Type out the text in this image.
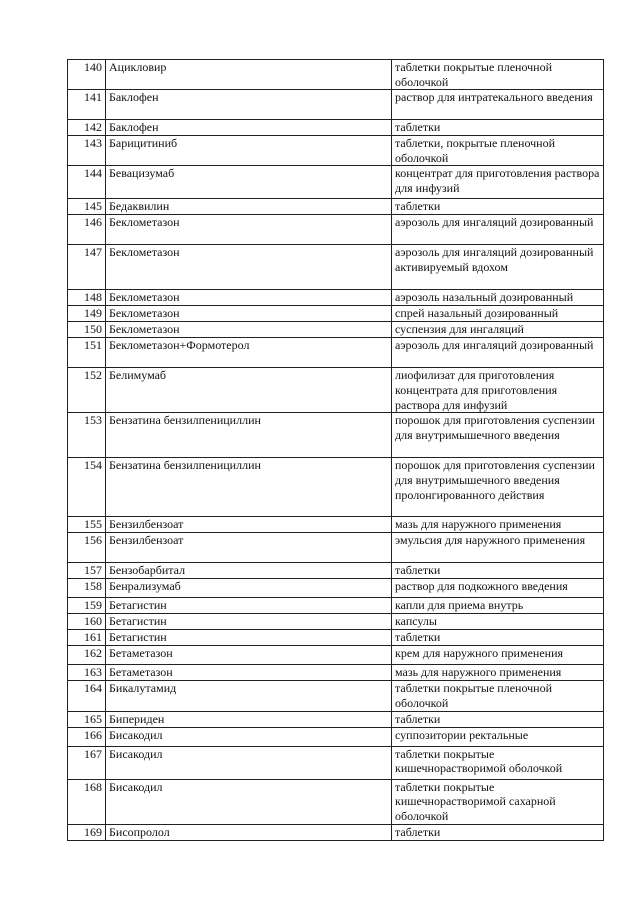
140	Ацикловир	таблетки покрытые пленочной оболочкой
141	Баклофен	раствор для интратекального введения
142	Баклофен	таблетки
143	Барицитиниб	таблетки, покрытые пленочной оболочкой
144	Бевацизумаб	концентрат для приготовления раствора для инфузий
145	Бедаквилин	таблетки
146	Беклометазон	аэрозоль для ингаляций дозированный
147	Беклометазон	аэрозоль для ингаляций дозированный активируемый вдохом
148	Беклометазон	аэрозоль назальный дозированный
149	Беклометазон	спрей назальный дозированный
150	Беклометазон	суспензия для ингаляций
151	Беклометазон+Формотерол	аэрозоль для ингаляций дозированный
152	Белимумаб	лиофилизат для приготовления концентрата для приготовления раствора для инфузий
153	Бензатина бензилпенициллин	порошок для приготовления суспензии для внутримышечного введения
154	Бензатина бензилпенициллин	порошок для приготовления суспензии для внутримышечного введения пролонгированного действия
155	Бензилбензоат	мазь для наружного применения
156	Бензилбензоат	эмульсия для наружного применения
157	Бензобарбитал	таблетки
158	Бенрализумаб	раствор для подкожного введения
159	Бетагистин	капли для приема внутрь
160	Бетагистин	капсулы
161	Бетагистин	таблетки
162	Бетаметазон	крем для наружного применения
163	Бетаметазон	мазь для наружного применения
164	Бикалутамид	таблетки покрытые пленочной оболочкой
165	Бипериден	таблетки
166	Бисакодил	суппозитории ректальные
167	Бисакодил	таблетки покрытые кишечнорастворимой оболочкой
168	Бисакодил	таблетки покрытые кишечнорастворимой сахарной оболочкой
169	Бисопролол	таблетки
